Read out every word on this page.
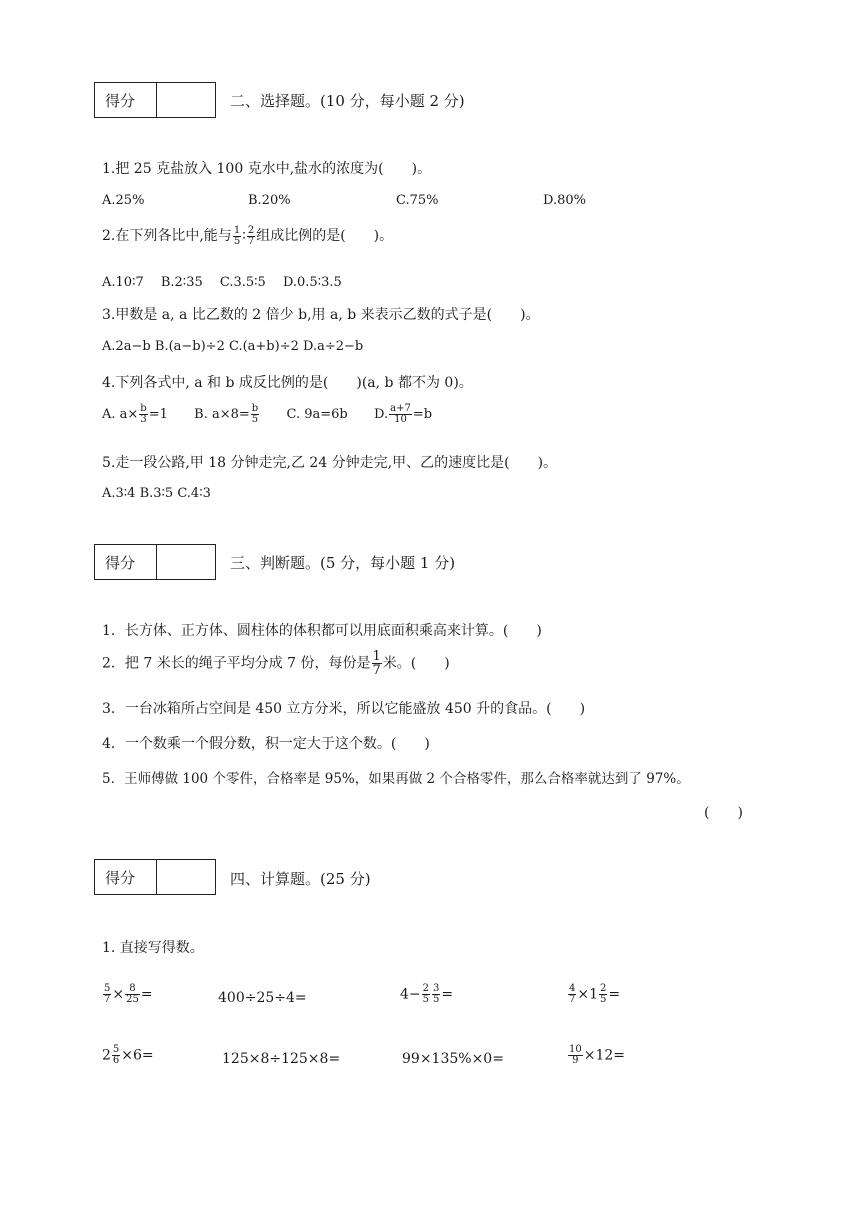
得分	二、选择题。(10 分，每小题 2 分)
1.把 25 克盐放入 100 克水中,盐水的浓度为(　　)。
A.25%	B.20%	C.75%	D.80%
2.在下列各比中,能与 $\frac{1}{5}$ ∶ $\frac{2}{7}$ 组成比例的是(　　)。
A.10∶7　 B.2∶35　 C.3.5∶5　 D.0.5∶3.5
3.甲数是 a, a 比乙数的 2 倍少 b,用 a, b 来表示乙数的式子是(　　)。
A.2a−b B.(a−b)÷2 C.(a+b)÷2 D.a÷2−b
4.下列各式中, a 和 b 成反比例的是(　　)(a, b 都不为 0)。
A. $a\times \frac{b}{3} =1$ B. $a\times 8= \frac{b}{5} C$. 9a=6b D. $\frac{a+7}{10} =b$
5.走一段公路,甲 18 分钟走完,乙 24 分钟走完,甲、乙的速度比是(　　)。
A.3∶4 B.3∶5 C.4∶3
得分	三、判断题。(5 分，每小题 1 分)
1．长方体、正方体、圆柱体的体积都可以用底面积乘高来计算。(　　)
2．把 7 米长的绳子平均分成 7 份，每份是 $\frac{1}{7}$ 米。(　　)
3．一台冰箱所占空间是 450 立方分米，所以它能盛放 450 升的食品。(　　)
4．一个数乘一个假分数，积一定大于这个数。(　　)
5．王师傅做 100 个零件，合格率是 95%，如果再做 2 个合格零件，那么合格率就达到了 97%。
(　　)
得分	四、计算题。(25 分)
1. 直接写得数。
$\frac{5}{7} \times \frac{8}{25}$ =	400÷25÷4=	$4- \frac{2}{5} \frac{3}{5}$ =	$\frac{4}{7} \times 1 \frac{2}{5}$ =
$2 \frac{5}{6} \times 6=$	125×8÷125×8=	99×135%×0=	$\frac{10}{9} \times 12=$
